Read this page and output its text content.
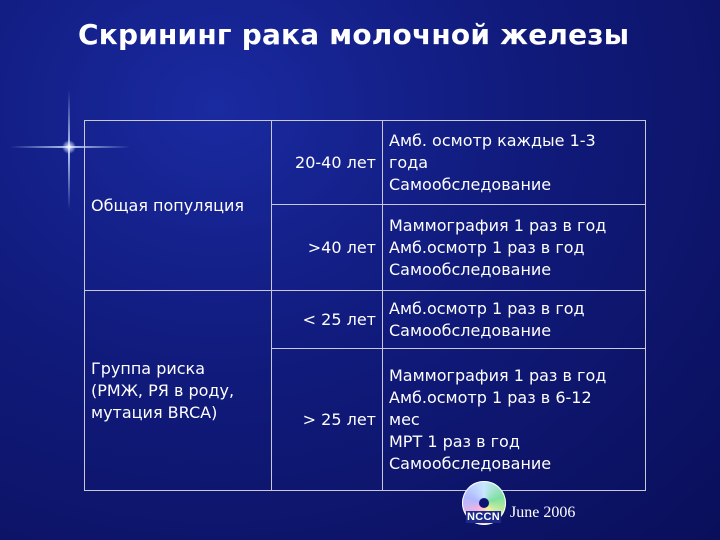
Скрининг рака молочной железы
Общая популяция	20-40 лет	Амб. осмотр каждые 1-3
года
Самообследование

	>40 лет	Маммография 1 раз в год
Амб.осмотр 1 раз в год
Самообследование

Группа риска
(РМЖ, РЯ в роду,
мутация BRCA)	< 25 лет	Амб.осмотр 1 раз в год
Самообследование

	> 25 лет	Маммография 1 раз в год
Амб.осмотр 1 раз в 6-12
мес
МРТ 1 раз в год
Самообследование
NCCN June 2006
